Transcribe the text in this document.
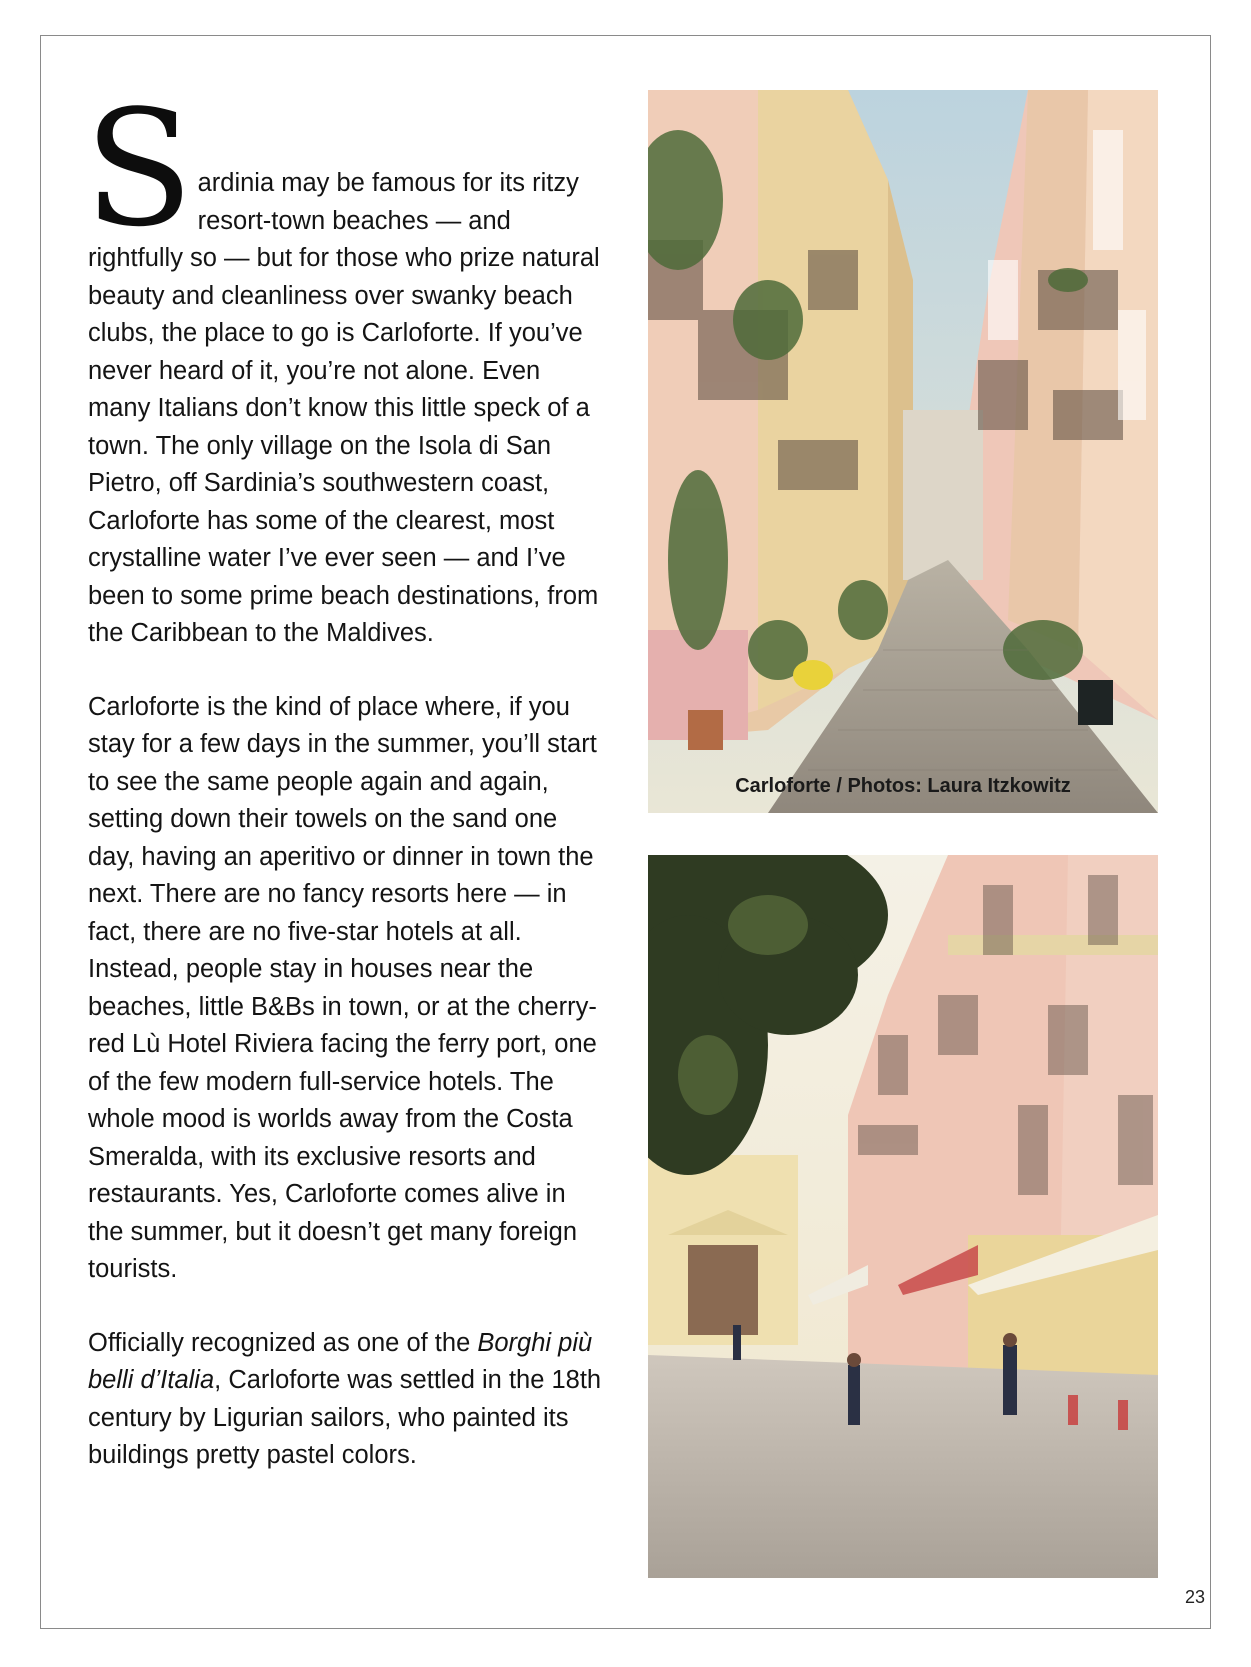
Sardinia may be famous for its ritzy resort-town beaches — and rightfully so — but for those who prize natural beauty and cleanliness over swanky beach clubs, the place to go is Carloforte. If you’ve never heard of it, you’re not alone. Even many Italians don’t know this little speck of a town. The only village on the Isola di San Pietro, off Sardinia’s southwestern coast, Carloforte has some of the clearest, most crystalline water I’ve ever seen — and I’ve been to some prime beach destinations, from the Caribbean to the Maldives.

Carloforte is the kind of place where, if you stay for a few days in the summer, you’ll start to see the same people again and again, setting down their towels on the sand one day, having an aperitivo or dinner in town the next. There are no fancy resorts here — in fact, there are no five-star hotels at all. Instead, people stay in houses near the beaches, little B&Bs in town, or at the cherry-red Lù Hotel Riviera facing the ferry port, one of the few modern full-service hotels. The whole mood is worlds away from the Costa Smeralda, with its exclusive resorts and restaurants. Yes, Carloforte comes alive in the summer, but it doesn’t get many foreign tourists.

Officially recognized as one of the Borghi più belli d’Italia, Carloforte was settled in the 18th century by Ligurian sailors, who painted its buildings pretty pastel colors.

Carloforte / Photos: Laura Itzkowitz
23
